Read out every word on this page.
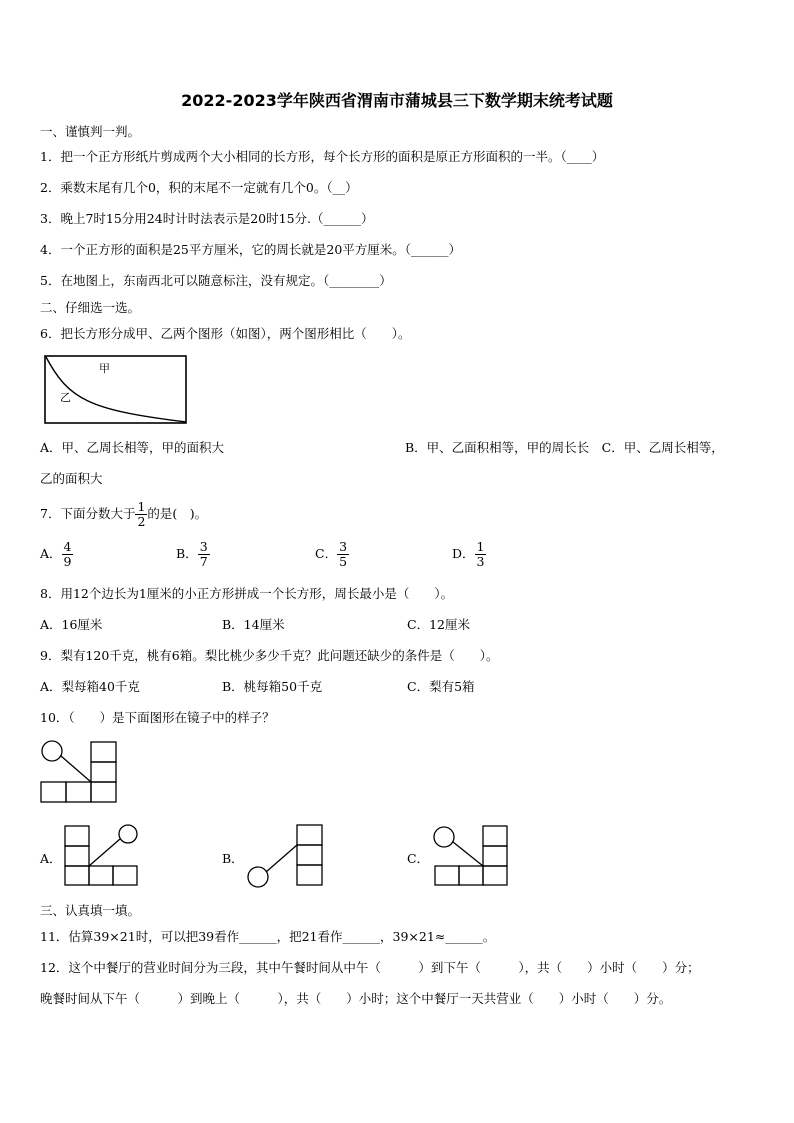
2022-2023学年陕西省渭南市蒲城县三下数学期末统考试题
一、谨慎判一判。
1．把一个正方形纸片剪成两个大小相同的长方形，每个长方形的面积是原正方形面积的一半。（____）
2．乘数末尾有几个0，积的末尾不一定就有几个0。（__）
3．晚上7时15分用24时计时法表示是20时15分.（______）
4．一个正方形的面积是25平方厘米，它的周长就是20平方厘米。（______）
5．在地图上，东南西北可以随意标注，没有规定。（________）
二、仔细选一选。
6．把长方形分成甲、乙两个图形（如图），两个图形相比（　　）。
甲
乙
A．甲、乙周长相等，甲的面积大	B．甲、乙面积相等，甲的周长长　C．甲、乙周长相等，
乙的面积大
7．下面分数大于 $\frac{1}{2}$ 的是(　)。
A． $\frac{4}{9}$	B． $\frac{3}{7}$	C． $\frac{3}{5}$	D． $\frac{1}{3}$
8．用12个边长为1厘米的小正方形拼成一个长方形，周长最小是（　　）。
A．16厘米	B．14厘米	C．12厘米
9．梨有120千克，桃有6箱。梨比桃少多少千克？此问题还缺少的条件是（　　）。
A．梨每箱40千克	B．桃每箱50千克	C．梨有5箱
10．（　　）是下面图形在镜子中的样子？
A．	B．	C．
三、认真填一填。
11．估算39×21时，可以把39看作______，把21看作______，39×21≈______。
12．这个中餐厅的营业时间分为三段，其中午餐时间从中午（　　　）到下午（　　　），共（　　）小时（　　）分；
晚餐时间从下午（　　　）到晚上（　　　），共（　　）小时；这个中餐厅一天共营业（　　）小时（　　）分。
